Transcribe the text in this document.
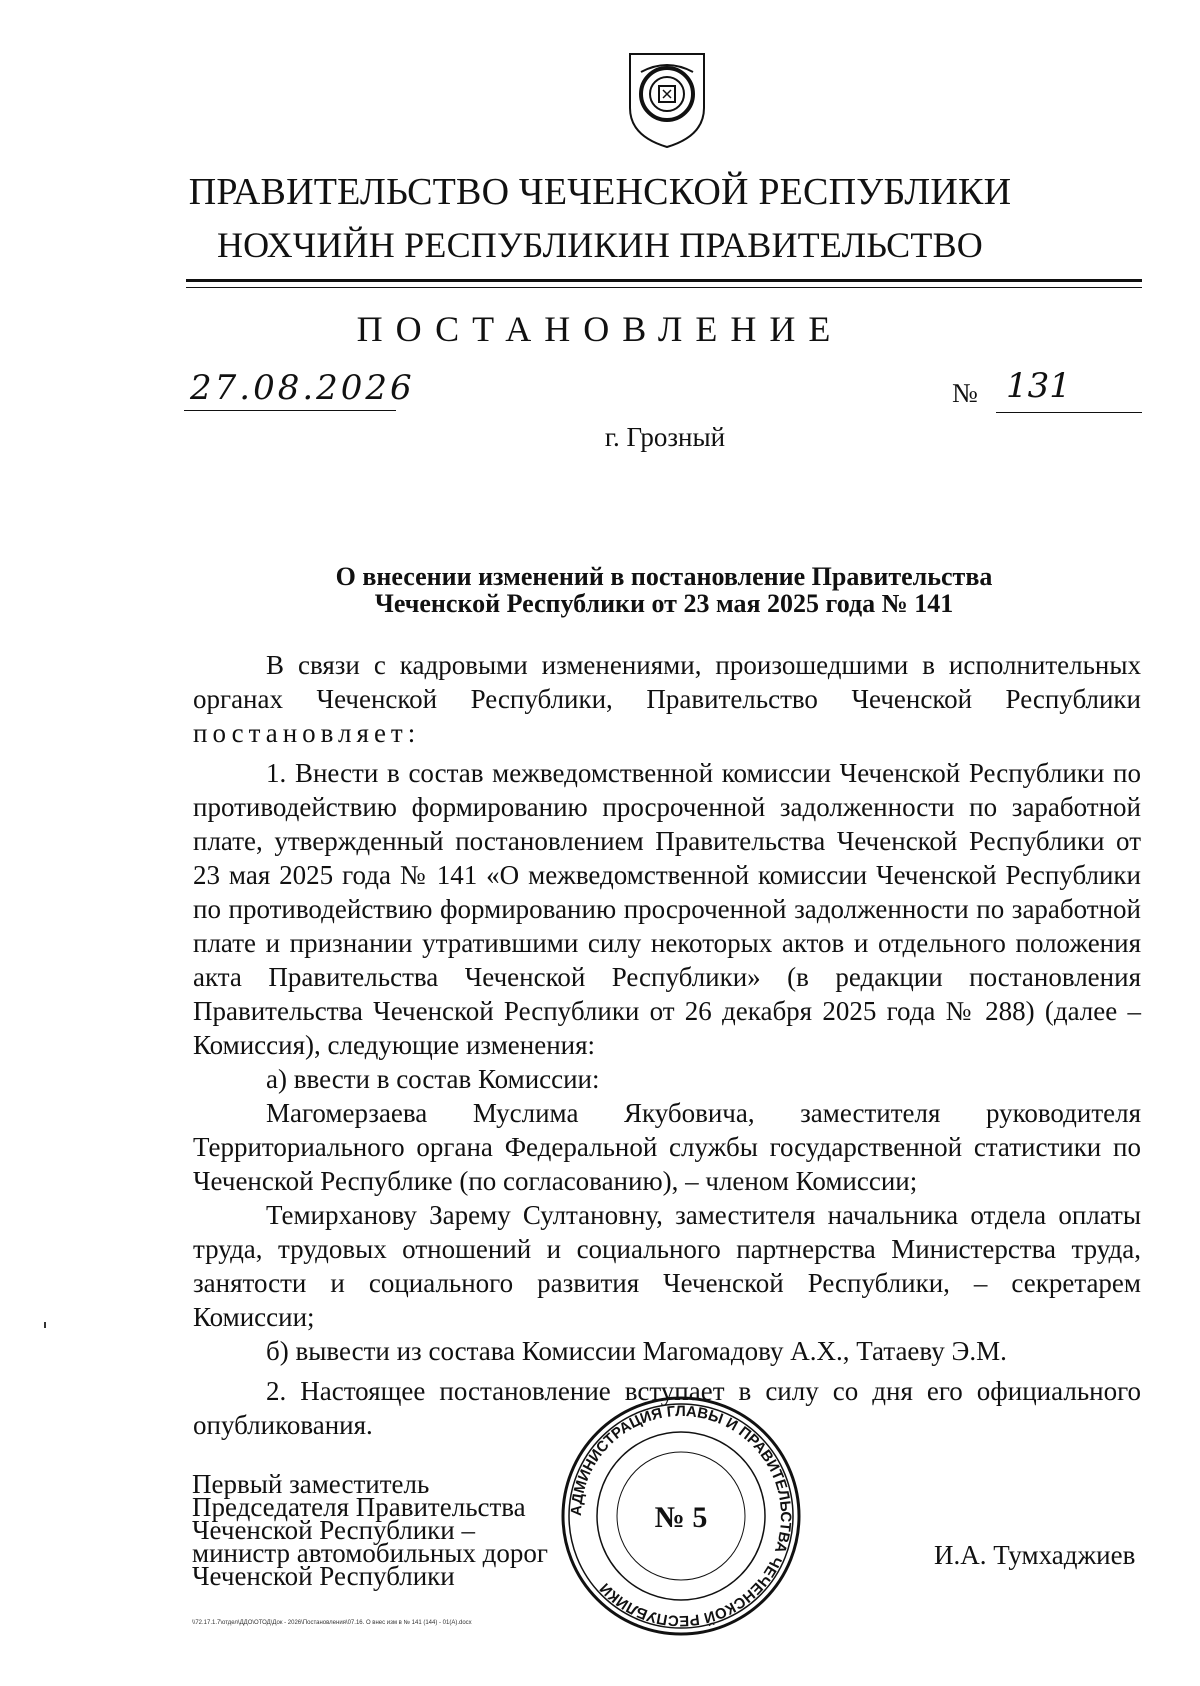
ПРАВИТЕЛЬСТВО ЧЕЧЕНСКОЙ РЕСПУБЛИКИ
НОХЧИЙН РЕСПУБЛИКИН ПРАВИТЕЛЬСТВО
ПОСТАНОВЛЕНИЕ
27.08.2026	№ 131
г. Грозный
О внесении изменений в постановление Правительства
Чеченской Республики от 23 мая 2025 года № 141

В связи с кадровыми изменениями, произошедшими в исполнительных органах Чеченской Республики, Правительство Чеченской Республики постановляет:

1. Внести в состав межведомственной комиссии Чеченской Республики по противодействию формированию просроченной задолженности по заработной плате, утвержденный постановлением Правительства Чеченской Республики от 23 мая 2025 года № 141 «О межведомственной комиссии Чеченской Республики по противодействию формированию просроченной задолженности по заработной плате и признании утратившими силу некоторых актов и отдельного положения акта Правительства Чеченской Республики» (в редакции постановления Правительства Чеченской Республики от 26 декабря 2025 года № 288) (далее – Комиссия), следующие изменения:

а) ввести в состав Комиссии:

Магомерзаева Муслима Якубовича, заместителя руководителя Территориального органа Федеральной службы государственной статистики по Чеченской Республике (по согласованию), – членом Комиссии;

Темирханову Зарему Султановну, заместителя начальника отдела оплаты труда, трудовых отношений и социального партнерства Министерства труда, занятости и социального развития Чеченской Республики, – секретарем Комиссии;

б) вывести из состава Комиссии Магомадову А.Х., Татаеву Э.М.

2. Настоящее постановление вступает в силу со дня его официального опубликования.

Первый заместитель
Председателя Правительства
Чеченской Республики –
министр автомобильных дорог
Чеченской Республики
АДМИНИСТРАЦИЯ ГЛАВЫ И ПРАВИТЕЛЬСТВА ЧЕЧЕНСКОЙ РЕСПУБЛИКИ
№ 5
И.А. Тумхаджиев
\\72.17.1.7\отдел\ДДО\ОТОД\Док - 2026\Постановления\07.16. О внес изм в № 141 (144) - 01(А).docx
